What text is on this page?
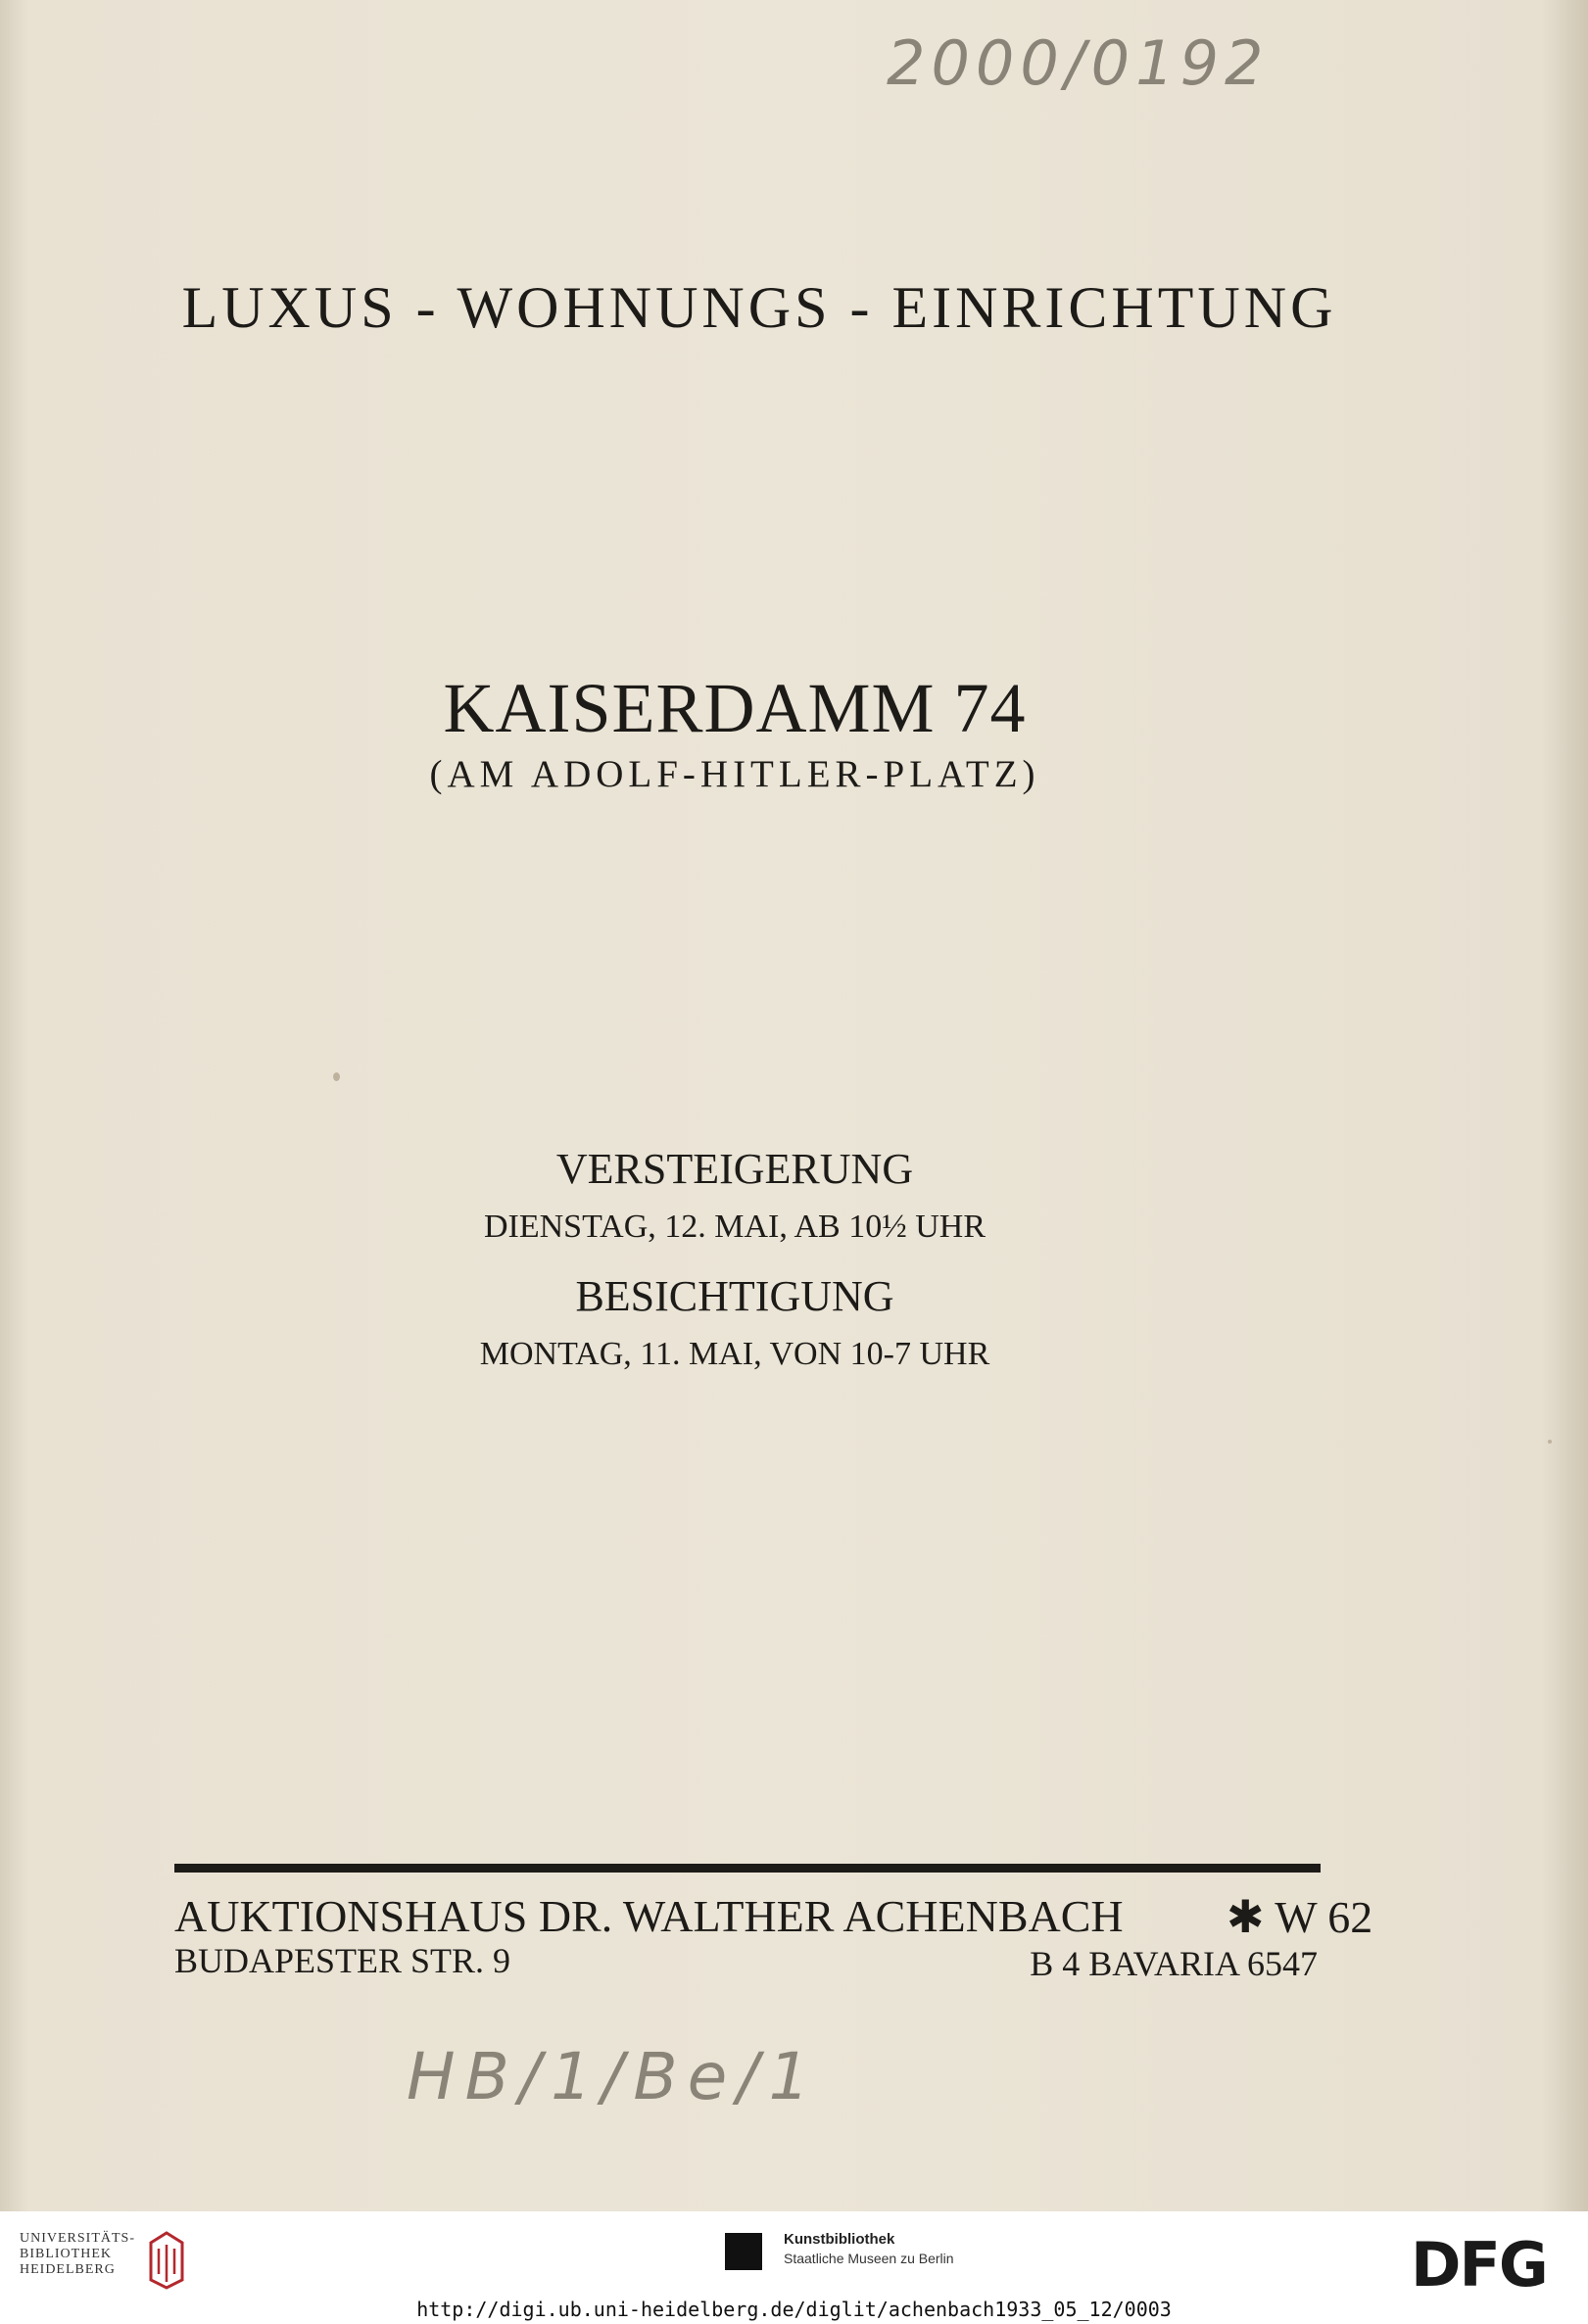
2000/0192
LUXUS - WOHNUNGS - EINRICHTUNG
KAISERDAMM 74
(AM ADOLF-HITLER-PLATZ)
VERSTEIGERUNG
DIENSTAG, 12. MAI, AB 10½ UHR
BESICHTIGUNG
MONTAG, 11. MAI, VON 10-7 UHR
AUKTIONSHAUS DR. WALTHER ACHENBACH ✱ W 62
BUDAPESTER STR. 9	B 4 BAVARIA 6547
HB/1/Be/1
UNIVERSITÄTS-
BIBLIOTHEK
HEIDELBERG
Kunstbibliothek
Staatliche Museen zu Berlin	DFG
http://digi.ub.uni-heidelberg.de/diglit/achenbach1933_05_12/0003
